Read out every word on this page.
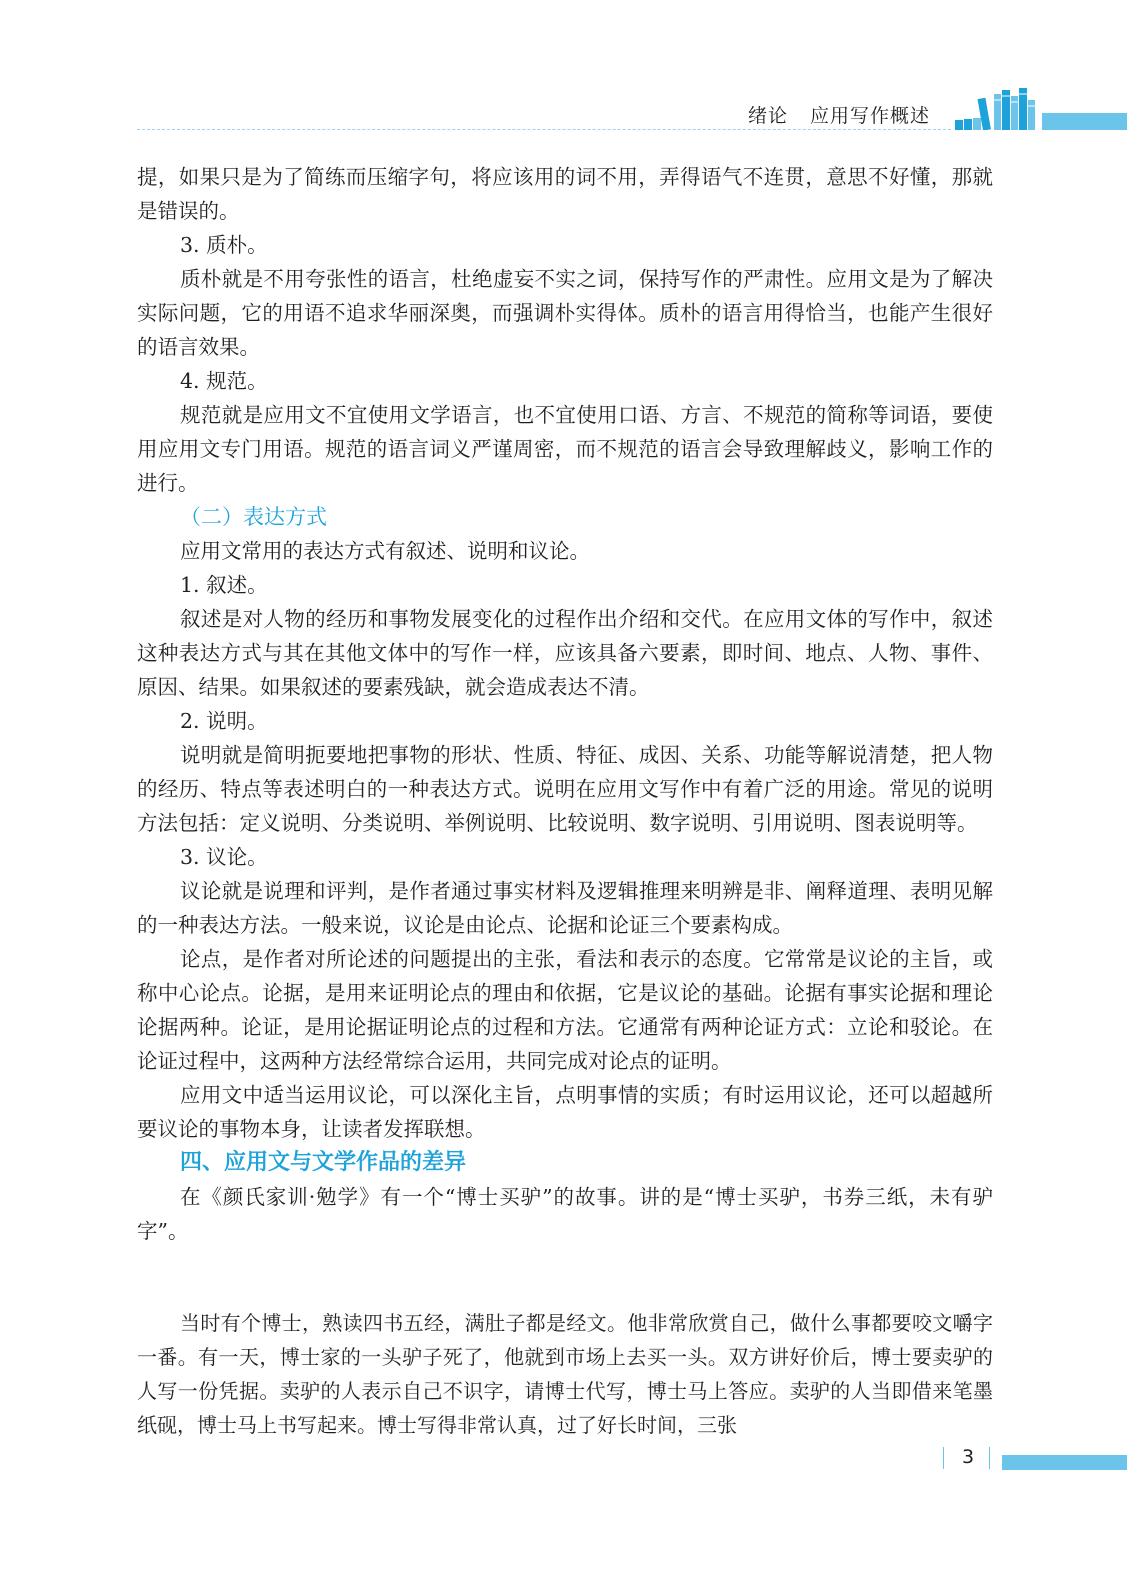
绪论 应用写作概述

提，如果只是为了简练而压缩字句，将应该用的词不用，弄得语气不连贯，意思不好懂，那就是错误的。

3. 质朴。

质朴就是不用夸张性的语言，杜绝虚妄不实之词，保持写作的严肃性。应用文是为了解决实际问题，它的用语不追求华丽深奥，而强调朴实得体。质朴的语言用得恰当，也能产生很好的语言效果。

4. 规范。

规范就是应用文不宜使用文学语言，也不宜使用口语、方言、不规范的简称等词语，要使用应用文专门用语。规范的语言词义严谨周密，而不规范的语言会导致理解歧义，影响工作的进行。

（二）表达方式

应用文常用的表达方式有叙述、说明和议论。

1. 叙述。

叙述是对人物的经历和事物发展变化的过程作出介绍和交代。在应用文体的写作中，叙述这种表达方式与其在其他文体中的写作一样，应该具备六要素，即时间、地点、人物、事件、原因、结果。如果叙述的要素残缺，就会造成表达不清。

2. 说明。

说明就是简明扼要地把事物的形状、性质、特征、成因、关系、功能等解说清楚，把人物的经历、特点等表述明白的一种表达方式。说明在应用文写作中有着广泛的用途。常见的说明方法包括：定义说明、分类说明、举例说明、比较说明、数字说明、引用说明、图表说明等。

3. 议论。

议论就是说理和评判，是作者通过事实材料及逻辑推理来明辨是非、阐释道理、表明见解的一种表达方法。一般来说，议论是由论点、论据和论证三个要素构成。

论点，是作者对所论述的问题提出的主张，看法和表示的态度。它常常是议论的主旨，或称中心论点。论据，是用来证明论点的理由和依据，它是议论的基础。论据有事实论据和理论论据两种。论证，是用论据证明论点的过程和方法。它通常有两种论证方式：立论和驳论。在论证过程中，这两种方法经常综合运用，共同完成对论点的证明。

应用文中适当运用议论，可以深化主旨，点明事情的实质；有时运用议论，还可以超越所要议论的事物本身，让读者发挥联想。

四、应用文与文学作品的差异

在《颜氏家训·勉学》有一个“博士买驴”的故事。讲的是“博士买驴，书券三纸，未有驴字”。

当时有个博士，熟读四书五经，满肚子都是经文。他非常欣赏自己，做什么事都要咬文嚼字一番。有一天，博士家的一头驴子死了，他就到市场上去买一头。双方讲好价后，博士要卖驴的人写一份凭据。卖驴的人表示自己不识字，请博士代写，博士马上答应。卖驴的人当即借来笔墨纸砚，博士马上书写起来。博士写得非常认真，过了好长时间，三张

3
